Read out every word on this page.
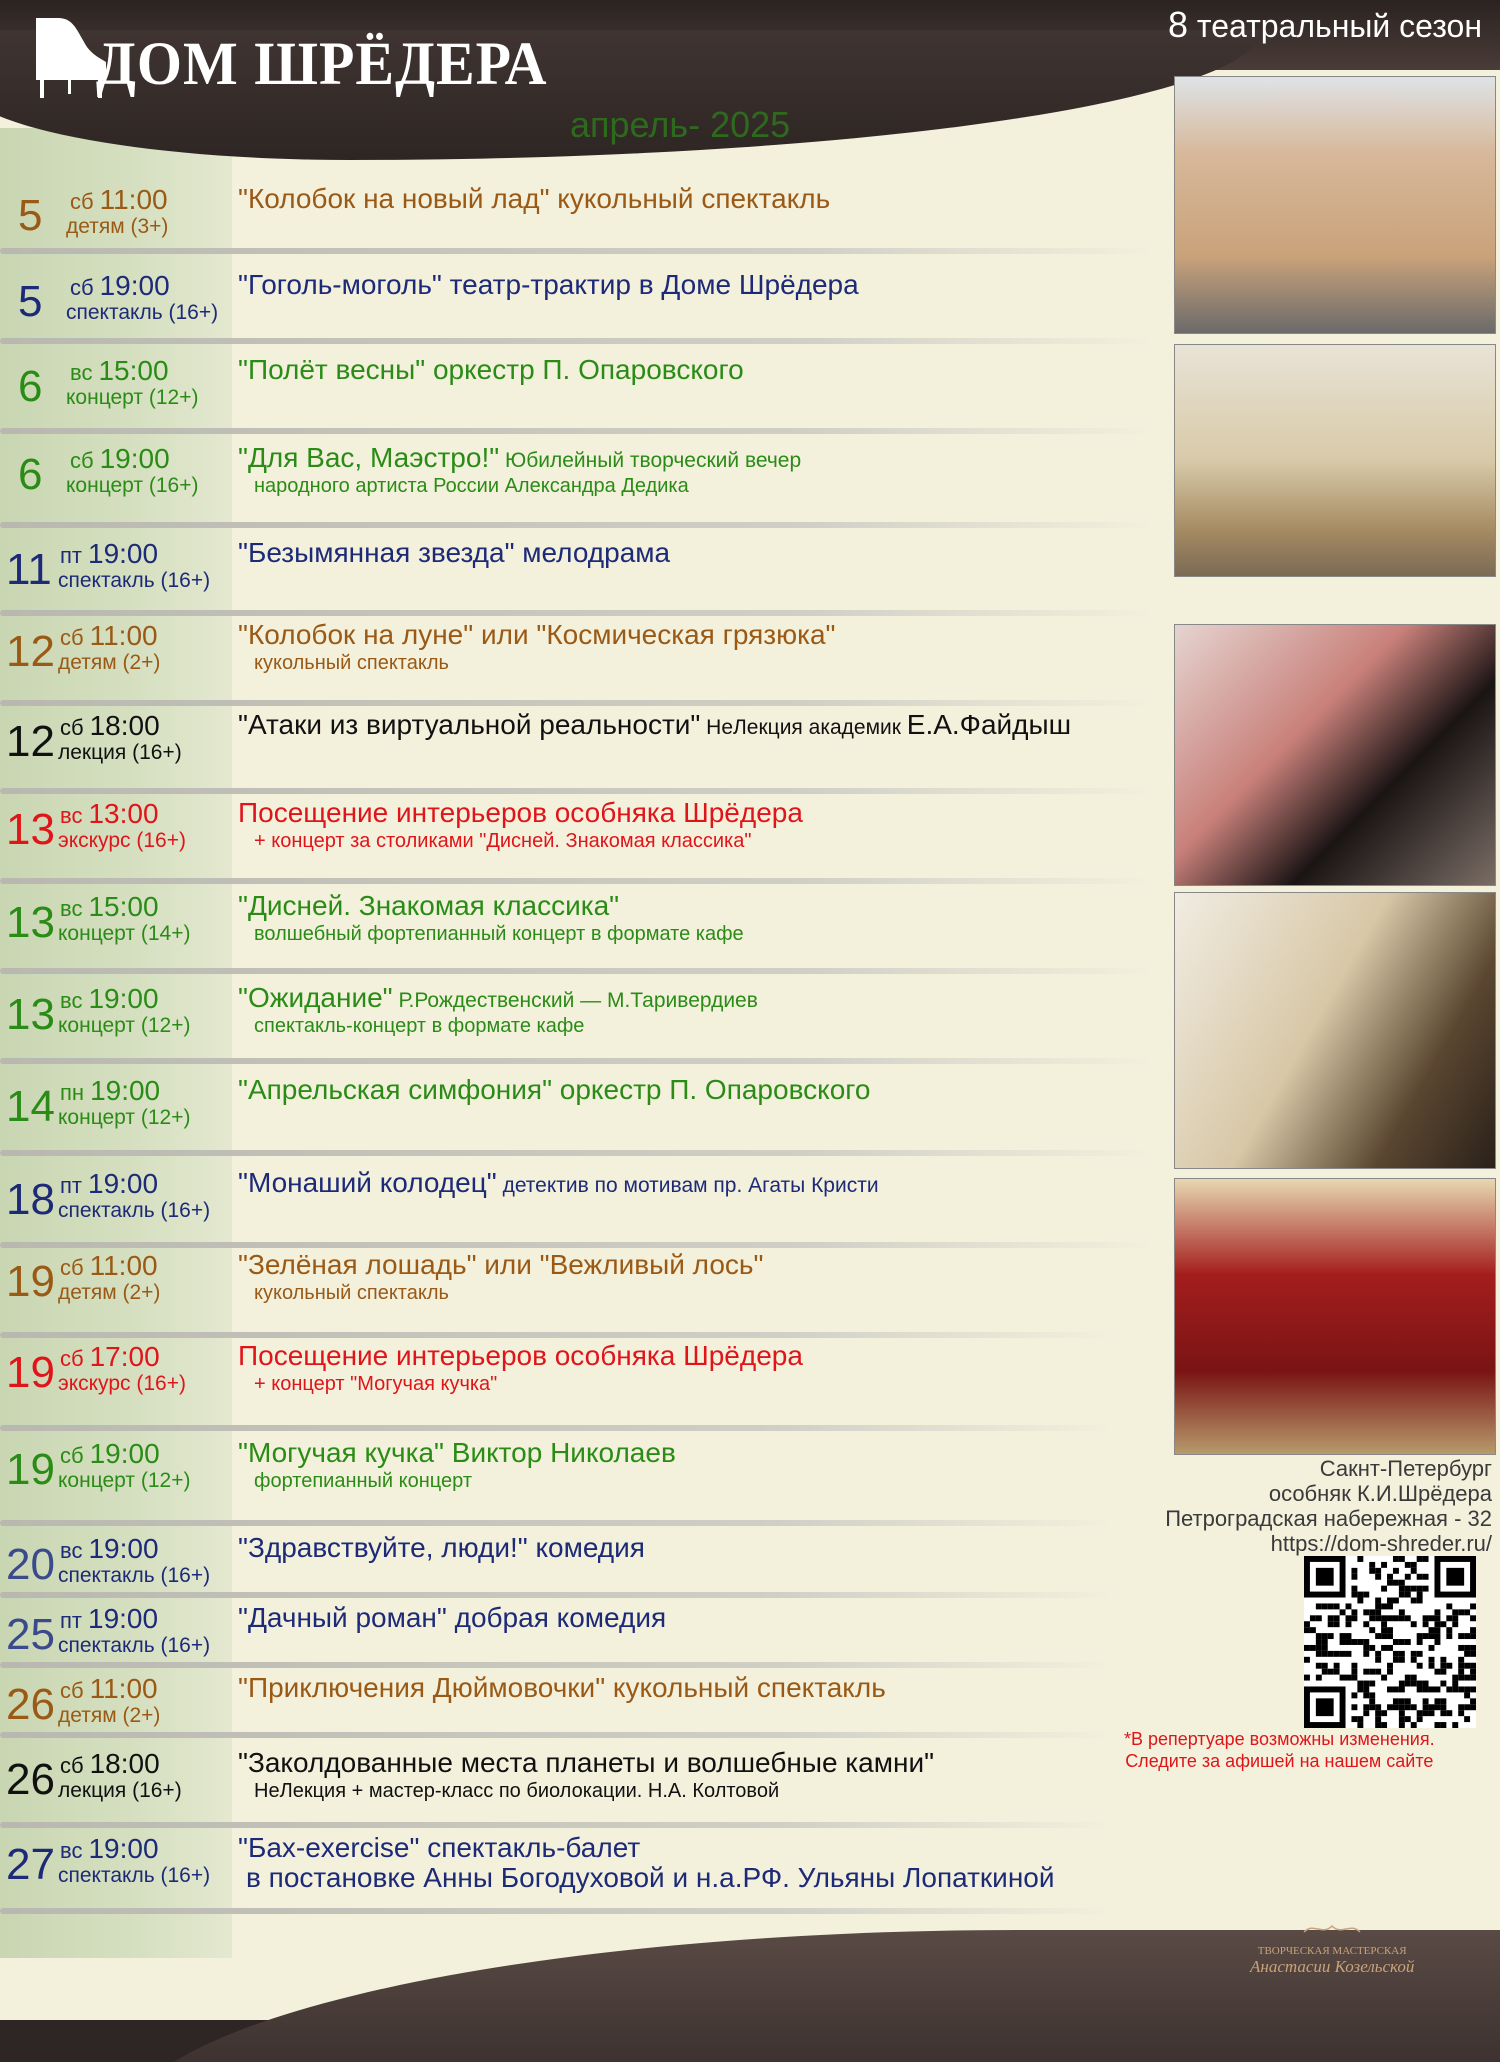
ДОМ ШРЁДЕРА
8 театральный сезон
апрель- 2025
5 сб 11:00
детям (3+)
"Колобок на новый лад" кукольный спектакль
5 сб 19:00
спектакль (16+)
"Гоголь-моголь" театр-трактир в Доме Шрёдера
6 вс 15:00
концерт (12+)
"Полёт весны" оркестр П. Опаровского
6 сб 19:00
концерт (16+)
"Для Вас, Маэстро!" Юбилейный творческий вечер
народного артиста России Александра Дедика
11 пт 19:00
спектакль (16+)
"Безымянная звезда" мелодрама
12 сб 11:00
детям (2+)
"Колобок на луне" или "Космическая грязюка"
кукольный спектакль
12 сб 18:00
лекция (16+)
"Атаки из виртуальной реальности" НеЛекция академик Е.А.Файдыш
13 вс 13:00
экскурс (16+)
Посещение интерьеров особняка Шрёдера
+ концерт за столиками "Дисней. Знакомая классика"
13 вс 15:00
концерт (14+)
"Дисней. Знакомая классика"
волшебный фортепианный концерт в формате кафе
13 вс 19:00
концерт (12+)
"Ожидание" Р.Рождественский — М.Таривердиев
спектакль-концерт в формате кафе
14 пн 19:00
концерт (12+)
"Апрельская симфония" оркестр П. Опаровского
18 пт 19:00
спектакль (16+)
"Монаший колодец" детектив по мотивам пр. Агаты Кристи
19 сб 11:00
детям (2+)
"Зелёная лошадь" или "Вежливый лось"
кукольный спектакль
19 сб 17:00
экскурс (16+)
Посещение интерьеров особняка Шрёдера
+ концерт "Могучая кучка"
19 сб 19:00
концерт (12+)
"Могучая кучка" Виктор Николаев
фортепианный концерт
20 вс 19:00
спектакль (16+)
"Здравствуйте, люди!" комедия
25 пт 19:00
спектакль (16+)
"Дачный роман" добрая комедия
26 сб 11:00
детям (2+)
"Приключения Дюймовочки" кукольный спектакль
26 сб 18:00
лекция (16+)
"Заколдованные места планеты и волшебные камни"
НеЛекция + мастер-класс по биолокации. Н.А. Колтовой
27 вс 19:00
спектакль (16+)
"Бах-exercise" спектакль-балет
в постановке Анны Богодуховой и н.а.РФ. Ульяны Лопаткиной
Сакнт-Петербург
особняк К.И.Шрёдера
Петроградская набережная - 32
https://dom-shreder.ru/
*В репертуаре возможны изменения.
Следите за афишей на нашем сайте
ТВОРЧЕСКАЯ МАСТЕРСКАЯ
Анастасии Козельской
